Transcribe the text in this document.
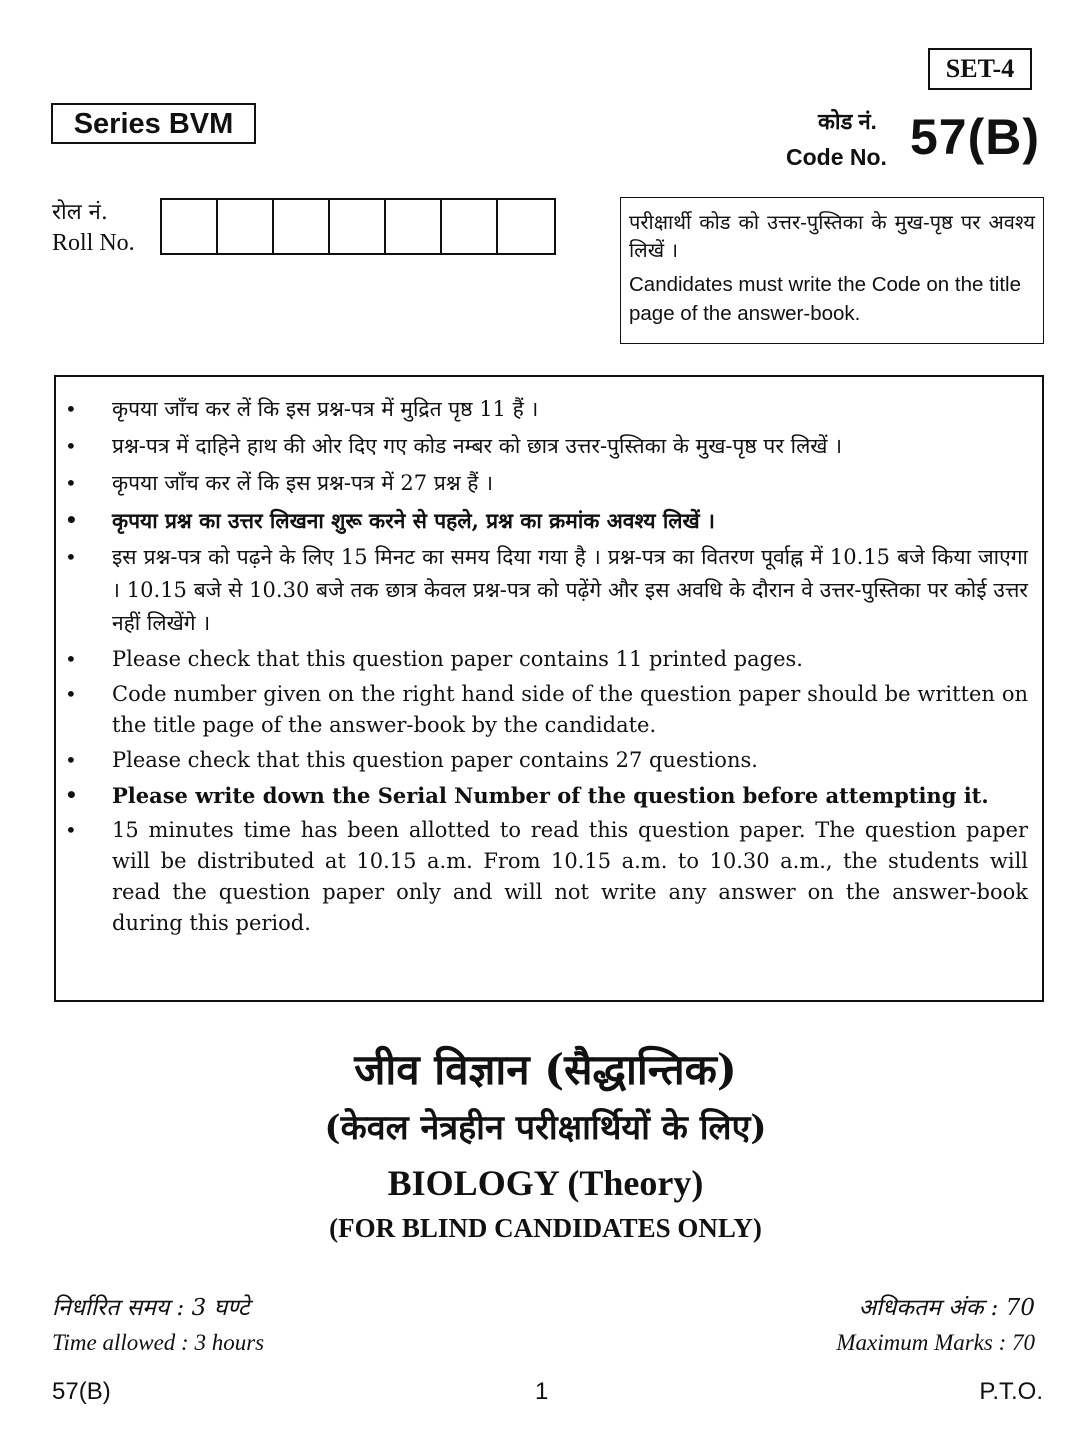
SET-4
Series BVM	कोड नं.
Code No. 57(B)
रोल नं.
Roll No.
परीक्षार्थी कोड को उत्तर-पुस्तिका के मुख-पृष्ठ पर अवश्य लिखें ।
Candidates must write the Code on the title page of the answer-book.
• कृपया जाँच कर लें कि इस प्रश्न-पत्र में मुद्रित पृष्ठ 11 हैं ।
• प्रश्न-पत्र में दाहिने हाथ की ओर दिए गए कोड नम्बर को छात्र उत्तर-पुस्तिका के मुख-पृष्ठ पर लिखें ।
• कृपया जाँच कर लें कि इस प्रश्न-पत्र में 27 प्रश्न हैं ।
• कृपया प्रश्न का उत्तर लिखना शुरू करने से पहले, प्रश्न का क्रमांक अवश्य लिखें ।
• इस प्रश्न-पत्र को पढ़ने के लिए 15 मिनट का समय दिया गया है । प्रश्न-पत्र का वितरण पूर्वाह्न में 10.15 बजे किया जाएगा । 10.15 बजे से 10.30 बजे तक छात्र केवल प्रश्न-पत्र को पढ़ेंगे और इस अवधि के दौरान वे उत्तर-पुस्तिका पर कोई उत्तर नहीं लिखेंगे ।
• Please check that this question paper contains 11 printed pages.
• Code number given on the right hand side of the question paper should be written on the title page of the answer-book by the candidate.
• Please check that this question paper contains 27 questions.
• Please write down the Serial Number of the question before attempting it.
• 15 minutes time has been allotted to read this question paper. The question paper will be distributed at 10.15 a.m. From 10.15 a.m. to 10.30 a.m., the students will read the question paper only and will not write any answer on the answer-book during this period.
जीव विज्ञान (सैद्धान्तिक)
(केवल नेत्रहीन परीक्षार्थियों के लिए)
BIOLOGY (Theory)
(FOR BLIND CANDIDATES ONLY)
निर्धारित समय : 3 घण्टे
Time allowed : 3 hours
अधिकतम अंक : 70
Maximum Marks : 70
57(B)	1	P.T.O.
